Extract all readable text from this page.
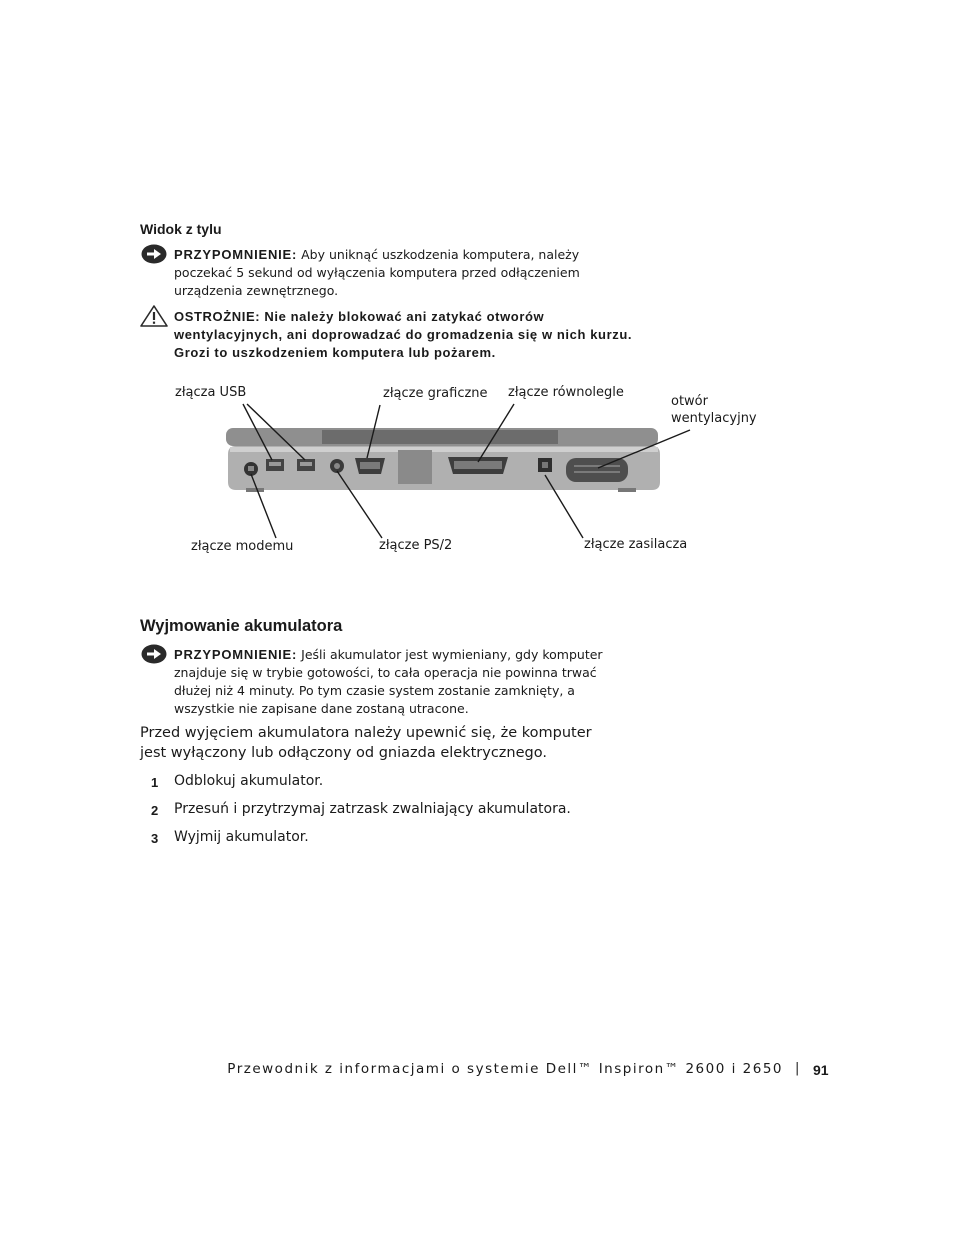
Widok z tylu
PRZYPOMNIENIE: Aby uniknąć uszkodzenia komputera, należy poczekać 5 sekund od wyłączenia komputera przed odłączeniem urządzenia zewnętrznego.
OSTROŻNIE: Nie należy blokować ani zatykać otworów wentylacyjnych, ani doprowadzać do gromadzenia się w nich kurzu. Grozi to uszkodzeniem komputera lub pożarem.
złącza USB	złącze graficzne złącze równolegle
otwór
wentylacyjny
złącze modemu	złącze PS/2	złącze zasilacza
Wyjmowanie akumulatora
PRZYPOMNIENIE: Jeśli akumulator jest wymieniany, gdy komputer znajduje się w trybie gotowości, to cała operacja nie powinna trwać dłużej niż 4 minuty. Po tym czasie system zostanie zamknięty, a wszystkie nie zapisane dane zostaną utracone.
Przed wyjęciem akumulatora należy upewnić się, że komputer jest wyłączony lub odłączony od gniazda elektrycznego.
1 Odblokuj akumulator.
2 Przesuń i przytrzymaj zatrzask zwalniający akumulatora.
3 Wyjmij akumulator.
Przewodnik z informacjami o systemie Dell™ Inspiron™ 2600 i 2650 | 91
